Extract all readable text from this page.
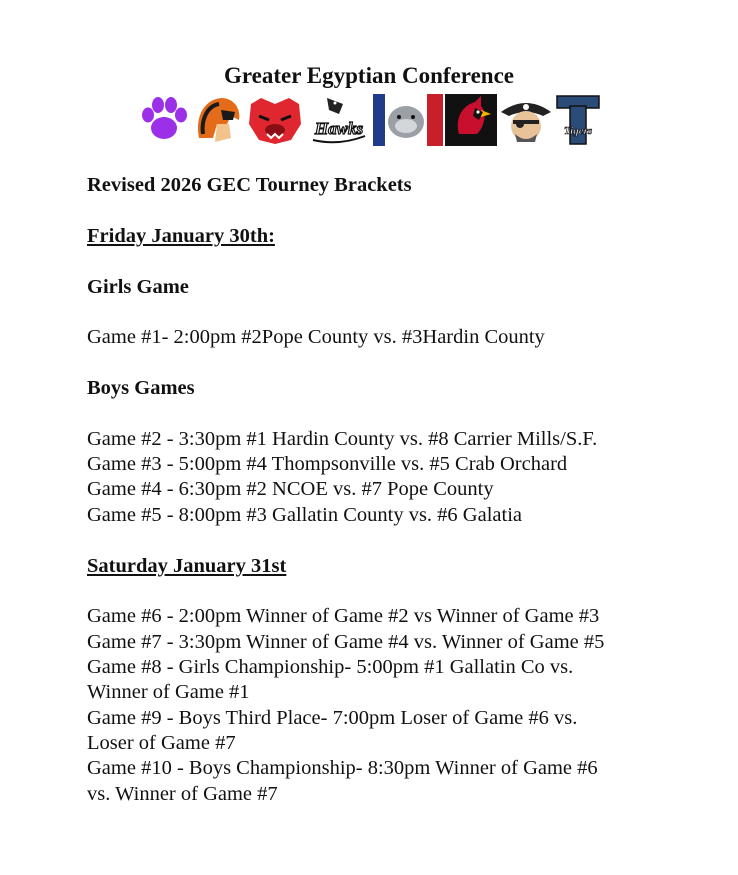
Greater Egyptian Conference
Hawks	Tigers
Revised 2026 GEC Tourney Brackets
Friday January 30th:
Girls Game
Game #1- 2:00pm #2Pope County vs. #3Hardin County
Boys Games
Game #2 - 3:30pm #1 Hardin County vs. #8 Carrier Mills/S.F.
Game #3 - 5:00pm #4 Thompsonville vs. #5 Crab Orchard
Game #4 - 6:30pm #2 NCOE vs. #7 Pope County
Game #5 - 8:00pm #3 Gallatin County vs. #6 Galatia
Saturday January 31st
Game #6 - 2:00pm Winner of Game #2 vs Winner of Game #3
Game #7 - 3:30pm Winner of Game #4 vs. Winner of Game #5
Game #8 - Girls Championship- 5:00pm #1 Gallatin Co vs.
Winner of Game #1
Game #9 - Boys Third Place- 7:00pm Loser of Game #6 vs.
Loser of Game #7
Game #10 - Boys Championship- 8:30pm Winner of Game #6
vs. Winner of Game #7
